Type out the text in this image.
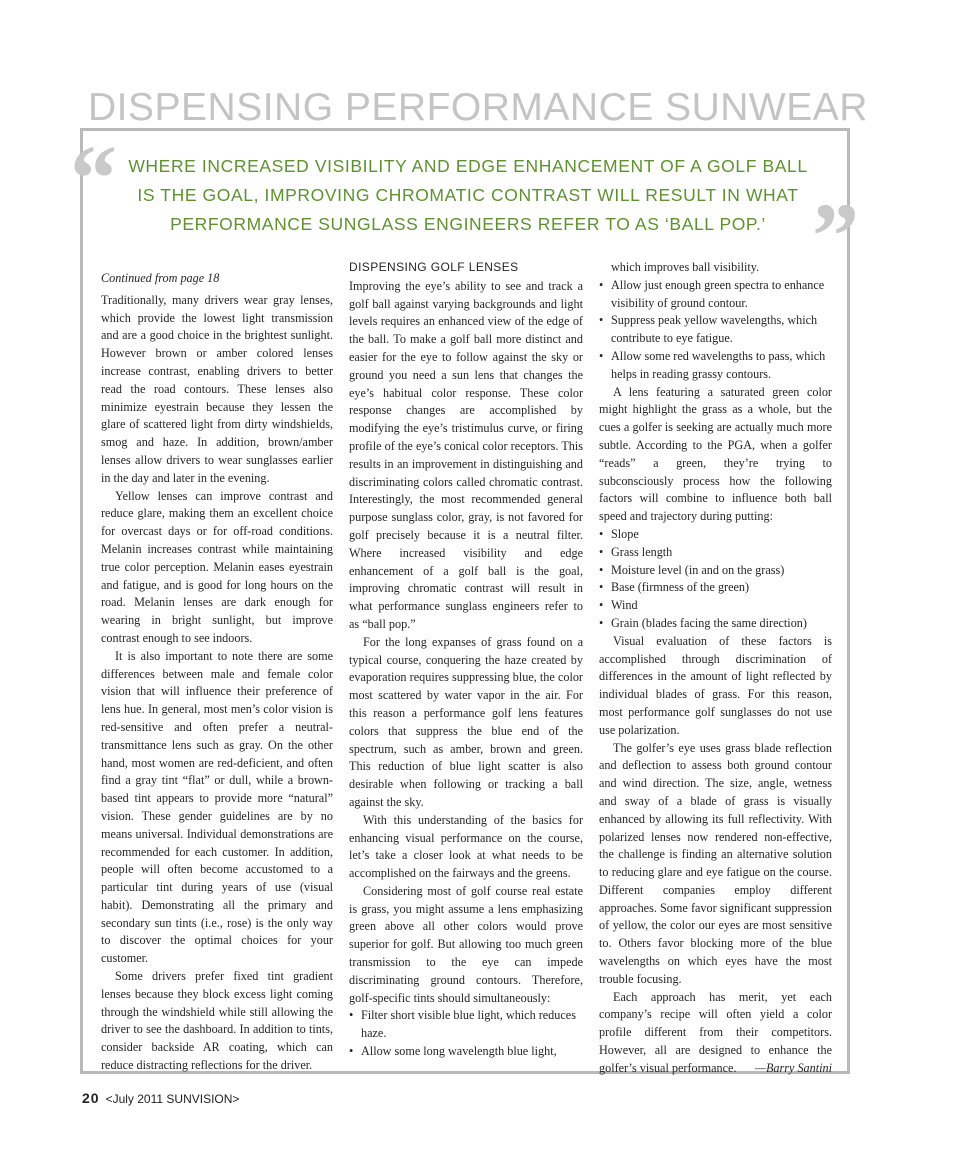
DISPENSING PERFORMANCE SUNWEAR
“
”
WHERE INCREASED VISIBILITY AND EDGE ENHANCEMENT OF A GOLF BALL IS THE GOAL, IMPROVING CHROMATIC CONTRAST WILL RESULT IN WHAT PERFORMANCE SUNGLASS ENGINEERS REFER TO AS ‘BALL POP.’

Continued from page 18

Traditionally, many drivers wear gray lenses, which provide the lowest light transmission and are a good choice in the brightest sunlight. However brown or amber colored lenses increase contrast, enabling drivers to better read the road contours. These lenses also minimize eyestrain because they lessen the glare of scattered light from dirty windshields, smog and haze. In addition, brown/amber lenses allow drivers to wear sunglasses earlier in the day and later in the evening.

Yellow lenses can improve contrast and reduce glare, making them an excellent choice for overcast days or for off-road conditions. Melanin increases contrast while maintaining true color perception. Melanin eases eyestrain and fatigue, and is good for long hours on the road. Melanin lenses are dark enough for wearing in bright sunlight, but improve contrast enough to see indoors.

It is also important to note there are some differences between male and female color vision that will influence their preference of lens hue. In general, most men’s color vision is red-sensitive and often prefer a neutral-transmittance lens such as gray. On the other hand, most women are red-deficient, and often find a gray tint “flat” or dull, while a brown-based tint appears to provide more “natural” vision. These gender guidelines are by no means universal. Individual demonstrations are recommended for each customer. In addition, people will often become accustomed to a particular tint during years of use (visual habit). Demonstrating all the primary and secondary sun tints (i.e., rose) is the only way to discover the optimal choices for your customer.

Some drivers prefer fixed tint gradient lenses because they block excess light coming through the windshield while still allowing the driver to see the dashboard. In addition to tints, consider backside AR coating, which can reduce distracting reflections for the driver.

DISPENSING GOLF LENSES

Improving the eye’s ability to see and track a golf ball against varying backgrounds and light levels requires an enhanced view of the edge of the ball. To make a golf ball more distinct and easier for the eye to follow against the sky or ground you need a sun lens that changes the eye’s habitual color response. These color response changes are accomplished by modifying the eye’s tristimulus curve, or firing profile of the eye’s conical color receptors. This results in an improvement in distinguishing and discriminating colors called chromatic contrast. Interestingly, the most recommended general purpose sunglass color, gray, is not favored for golf precisely because it is a neutral filter. Where increased visibility and edge enhancement of a golf ball is the goal, improving chromatic contrast will result in what performance sunglass engineers refer to as “ball pop.”

For the long expanses of grass found on a typical course, conquering the haze created by evaporation requires suppressing blue, the color most scattered by water vapor in the air. For this reason a performance golf lens features colors that suppress the blue end of the spectrum, such as amber, brown and green. This reduction of blue light scatter is also desirable when following or tracking a ball against the sky.

With this understanding of the basics for enhancing visual performance on the course, let’s take a closer look at what needs to be accomplished on the fairways and the greens.

Considering most of golf course real estate is grass, you might assume a lens emphasizing green above all other colors would prove superior for golf. But allowing too much green transmission to the eye can impede discriminating ground contours. Therefore, golf-specific tints should simultaneously:

• Filter short visible blue light, which reduces haze.
• Allow some long wavelength blue light,

which improves ball visibility.

• Allow just enough green spectra to enhance visibility of ground contour.
• Suppress peak yellow wavelengths, which contribute to eye fatigue.
• Allow some red wavelengths to pass, which helps in reading grassy contours.

A lens featuring a saturated green color might highlight the grass as a whole, but the cues a golfer is seeking are actually much more subtle. According to the PGA, when a golfer “reads” a green, they’re trying to subconsciously process how the following factors will combine to influence both ball speed and trajectory during putting:

• Slope
• Grass length
• Moisture level (in and on the grass)
• Base (firmness of the green)
• Wind
• Grain (blades facing the same direction)

Visual evaluation of these factors is accomplished through discrimination of differences in the amount of light reflected by individual blades of grass. For this reason, most performance golf sunglasses do not use use polarization.

The golfer’s eye uses grass blade reflection and deflection to assess both ground contour and wind direction. The size, angle, wetness and sway of a blade of grass is visually enhanced by allowing its full reflectivity. With polarized lenses now rendered non-effective, the challenge is finding an alternative solution to reducing glare and eye fatigue on the course. Different companies employ different approaches. Some favor significant suppression of yellow, the color our eyes are most sensitive to. Others favor blocking more of the blue wavelengths on which eyes have the most trouble focusing.

Each approach has merit, yet each company’s recipe will often yield a color profile different from their competitors. However, all are designed to enhance the golfer’s visual performance.	—Barry Santini

20 <July 2011 SUNVISION>
